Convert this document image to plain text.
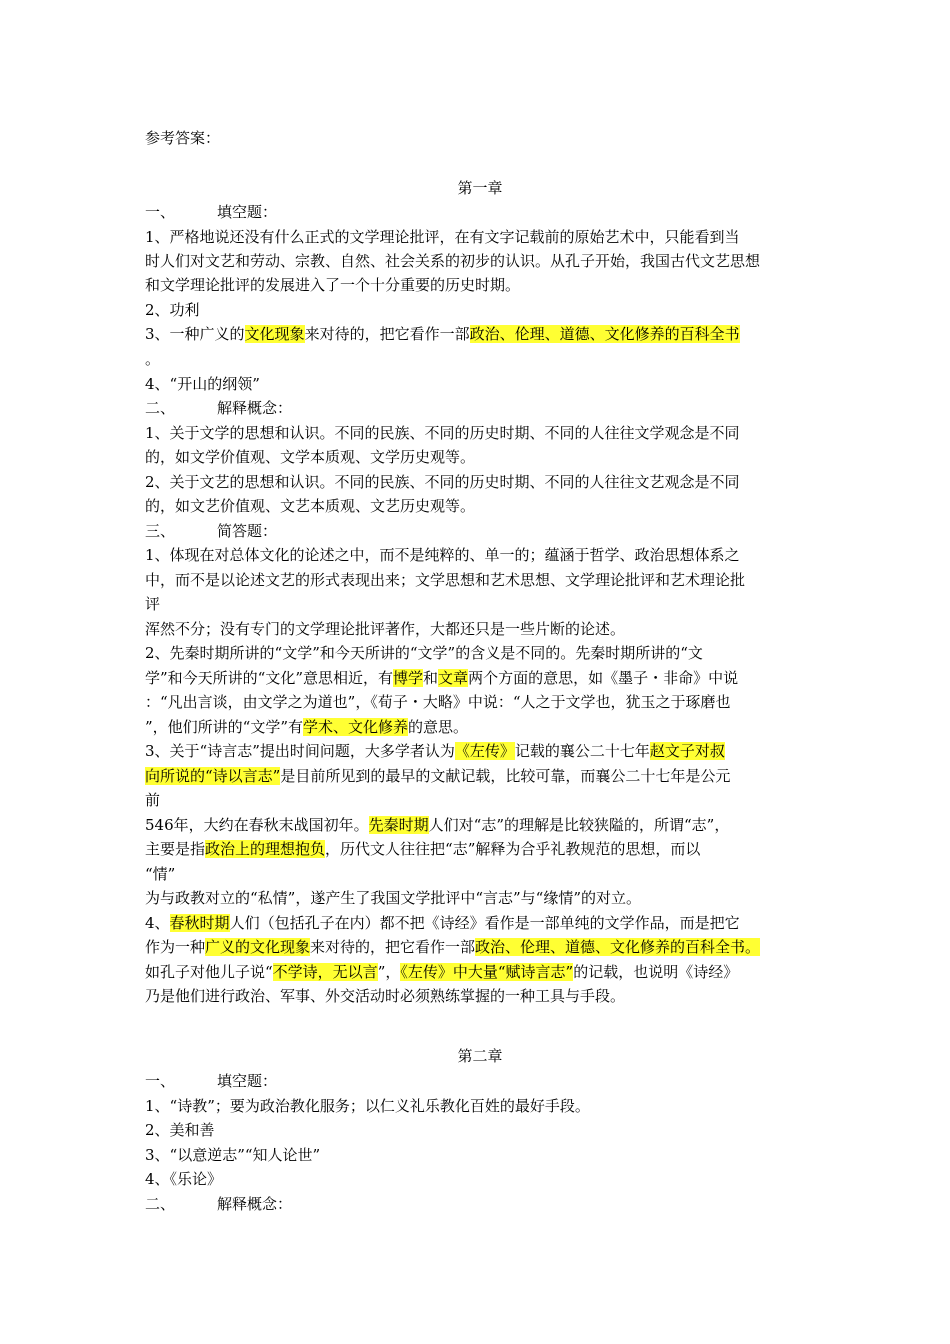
参考答案：
第一章
一、	填空题：
1、严格地说还没有什么正式的文学理论批评，在有文字记载前的原始艺术中，只能看到当
时人们对文艺和劳动、宗教、自然、社会关系的初步的认识。从孔子开始，我国古代文艺思想
和文学理论批评的发展进入了一个十分重要的历史时期。
2、功利
3、一种广义的文化现象来对待的，把它看作一部政治、伦理、道德、文化修养的百科全书
。
4、“开山的纲领”
二、	解释概念：
1、关于文学的思想和认识。不同的民族、不同的历史时期、不同的人往往文学观念是不同
的，如文学价值观、文学本质观、文学历史观等。
2、关于文艺的思想和认识。不同的民族、不同的历史时期、不同的人往往文艺观念是不同
的，如文艺价值观、文艺本质观、文艺历史观等。
三、	简答题：
1、体现在对总体文化的论述之中，而不是纯粹的、单一的；蕴涵于哲学、政治思想体系之
中，而不是以论述文艺的形式表现出来；文学思想和艺术思想、文学理论批评和艺术理论批
评
浑然不分；没有专门的文学理论批评著作，大都还只是一些片断的论述。
2、先秦时期所讲的“文学”和今天所讲的“文学”的含义是不同的。先秦时期所讲的“文
学”和今天所讲的“文化”意思相近，有博学和文章两个方面的意思，如《墨子・非命》中说
：“凡出言谈，由文学之为道也”，《荀子・大略》中说：“人之于文学也，犹玉之于琢磨也
”，他们所讲的“文学”有学术、文化修养的意思。
3、关于“诗言志”提出时间问题，大多学者认为《左传》记载的襄公二十七年赵文子对叔
向所说的“诗以言志”是目前所见到的最早的文献记载，比较可靠，而襄公二十七年是公元
前
546年，大约在春秋末战国初年。先秦时期人们对“志”的理解是比较狭隘的，所谓“志”，
主要是指政治上的理想抱负，历代文人往往把“志”解释为合乎礼教规范的思想，而以
“情”
为与政教对立的“私情”，遂产生了我国文学批评中“言志”与“缘情”的对立。
4、春秋时期人们（包括孔子在内）都不把《诗经》看作是一部单纯的文学作品，而是把它
作为一种广义的文化现象来对待的，把它看作一部政治、伦理、道德、文化修养的百科全书。
如孔子对他儿子说“不学诗，无以言”，《左传》中大量“赋诗言志”的记载，也说明《诗经》
乃是他们进行政治、军事、外交活动时必须熟练掌握的一种工具与手段。
第二章
一、	填空题：
1、“诗教”；要为政治教化服务；以仁义礼乐教化百姓的最好手段。
2、美和善
3、“以意逆志”“知人论世”
4、《乐论》
二、	解释概念：
